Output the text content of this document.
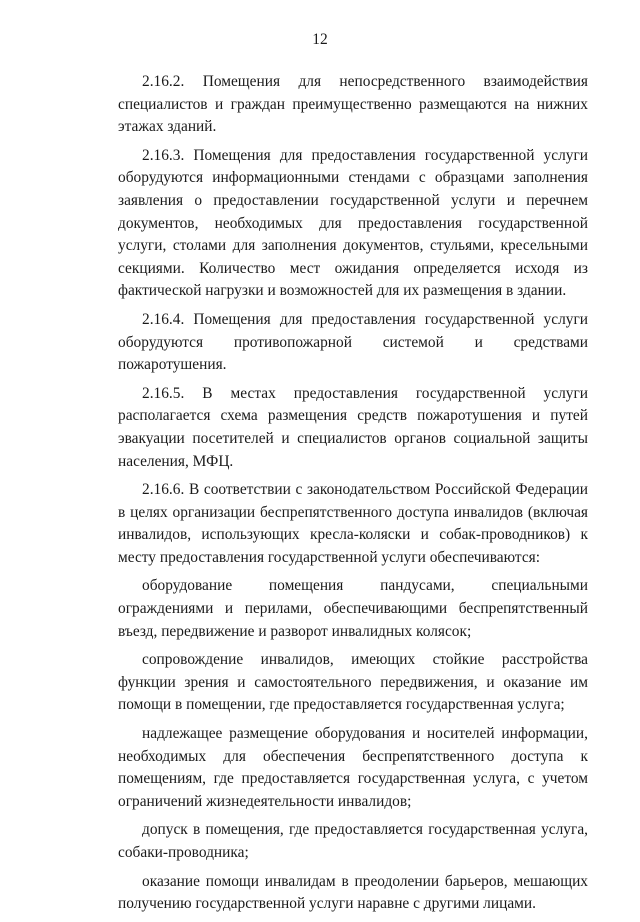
12

2.16.2. Помещения для непосредственного взаимодействия специалистов и граждан преимущественно размещаются на нижних этажах зданий.

2.16.3. Помещения для предоставления государственной услуги оборудуются информационными стендами с образцами заполнения заявления о предоставлении государственной услуги и перечнем документов, необходимых для предоставления государственной услуги, столами для заполнения документов, стульями, кресельными секциями. Количество мест ожидания определяется исходя из фактической нагрузки и возможностей для их размещения в здании.

2.16.4. Помещения для предоставления государственной услуги оборудуются противопожарной системой и средствами пожаротушения.

2.16.5. В местах предоставления государственной услуги располагается схема размещения средств пожаротушения и путей эвакуации посетителей и специалистов органов социальной защиты населения, МФЦ.

2.16.6. В соответствии с законодательством Российской Федерации в целях организации беспрепятственного доступа инвалидов (включая инвалидов, использующих кресла-коляски и собак-проводников) к месту предоставления государственной услуги обеспечиваются:

оборудование помещения пандусами, специальными ограждениями и перилами, обеспечивающими беспрепятственный въезд, передвижение и разворот инвалидных колясок;

сопровождение инвалидов, имеющих стойкие расстройства функции зрения и самостоятельного передвижения, и оказание им помощи в помещении, где предоставляется государственная услуга;

надлежащее размещение оборудования и носителей информации, необходимых для обеспечения беспрепятственного доступа к помещениям, где предоставляется государственная услуга, с учетом ограничений жизнедеятельности инвалидов;

допуск в помещения, где предоставляется государственная услуга, собаки-проводника;

оказание помощи инвалидам в преодолении барьеров, мешающих получению государственной услуги наравне с другими лицами.
